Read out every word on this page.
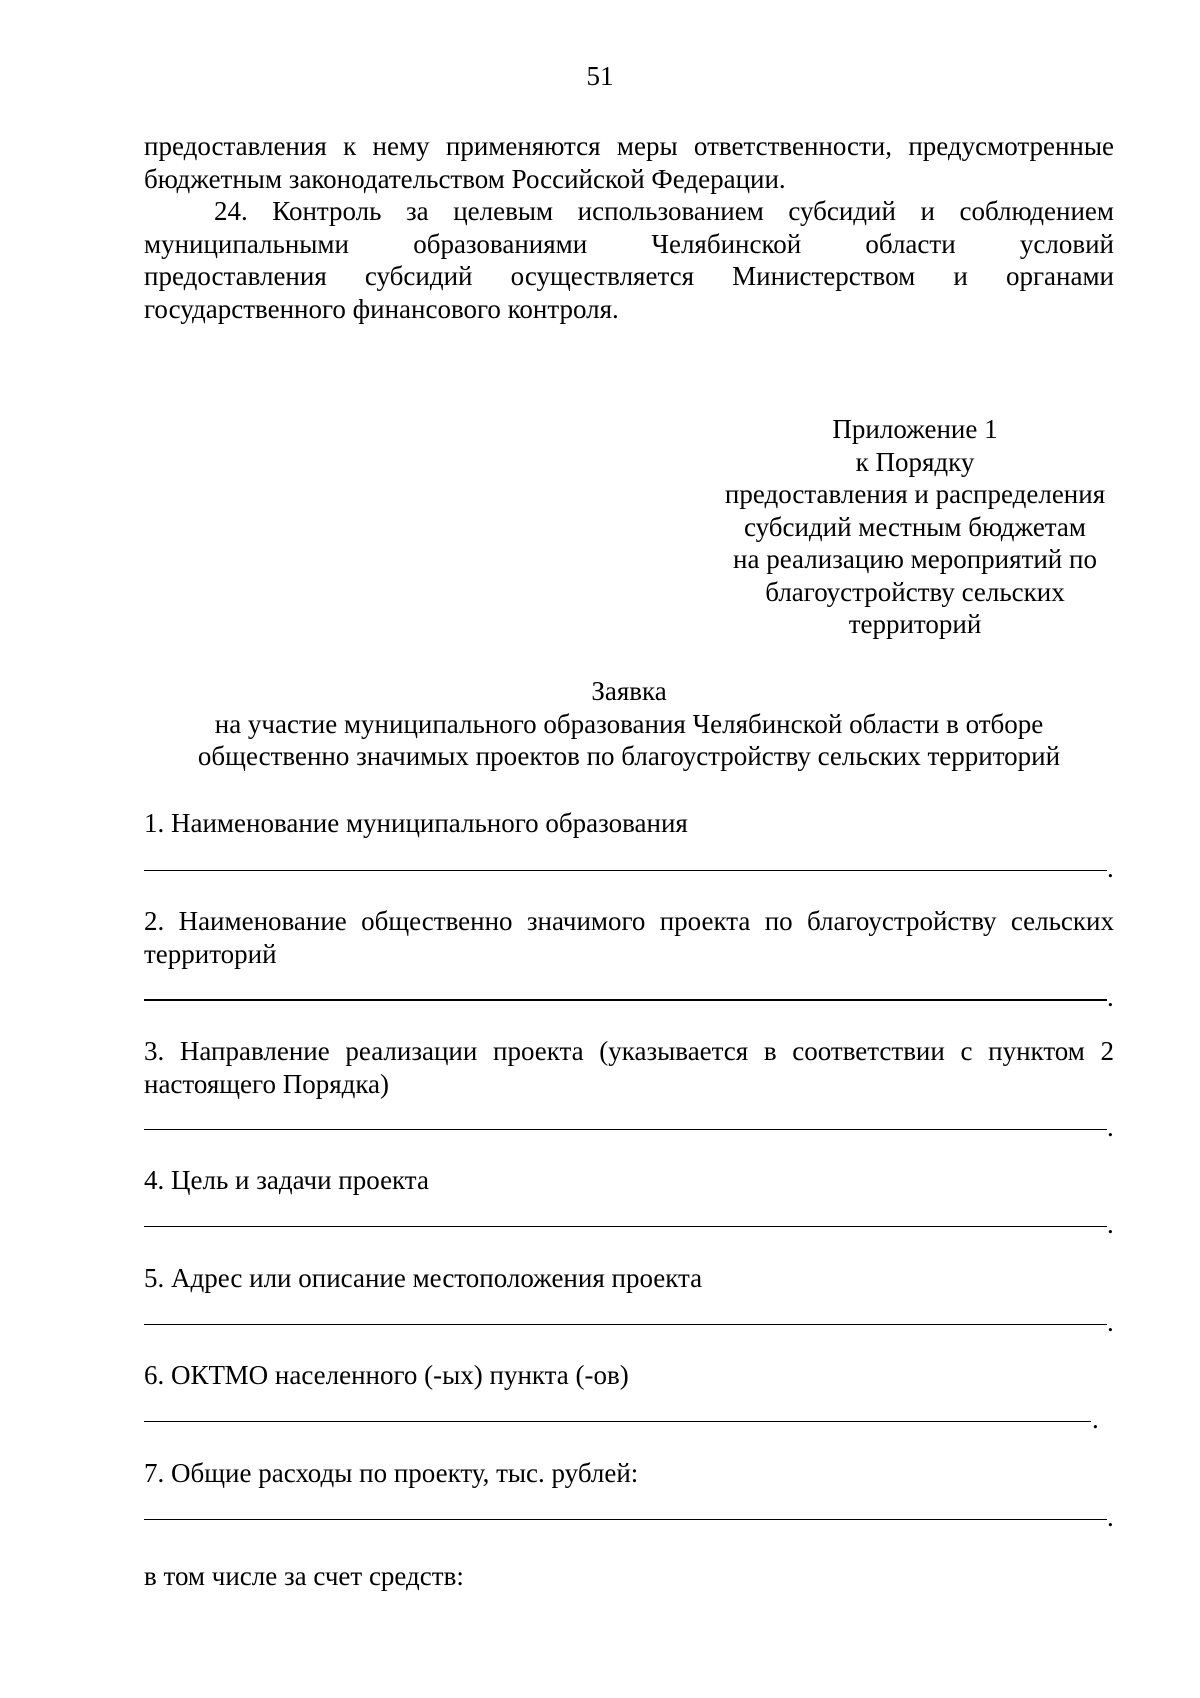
51

предоставления к нему применяются меры ответственности, предусмотренные бюджетным законодательством Российской Федерации.

24. Контроль за целевым использованием субсидий и соблюдением
муниципальными образованиями Челябинской области условий
предоставления субсидий осуществляется Министерством и органами
государственного финансового контроля.
Приложение 1
к Порядку
предоставления и распределения
субсидий местным бюджетам
на реализацию мероприятий по
благоустройству сельских
территорий
Заявка
на участие муниципального образования Челябинской области в отборе
общественно значимых проектов по благоустройству сельских территорий
1. Наименование муниципального образования
.
2. Наименование общественно значимого проекта по благоустройству сельских
территорий
.
3. Направление реализации проекта (указывается в соответствии с пунктом 2
настоящего Порядка)
.
4. Цель и задачи проекта
.
5. Адрес или описание местоположения проекта
.
6. ОКТМО населенного (-ых) пункта (-ов)
.
7. Общие расходы по проекту, тыс. рублей:
.
в том числе за счет средств:
